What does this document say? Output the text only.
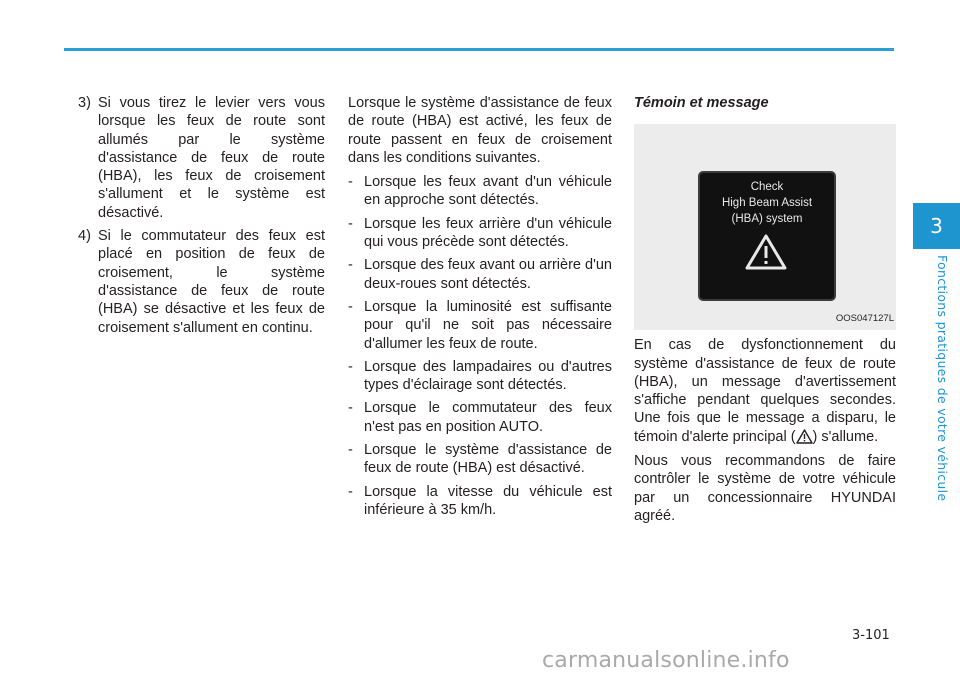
3
Fonctions pratiques de votre véhicule

3) Si vous tirez le levier vers vous lorsque les feux de route sont allumés par le système d'assistance de feux de route (HBA), les feux de croisement s'allument et le système est désactivé.

4) Si le commutateur des feux est placé en position de feux de croisement, le système d'assistance de feux de route (HBA) se désactive et les feux de croisement s'allument en continu.

Lorsque le système d'assistance de feux de route (HBA) est activé, les feux de route passent en feux de croisement dans les conditions suivantes.

- Lorsque les feux avant d'un véhicule en approche sont détectés.

- Lorsque les feux arrière d'un véhicule qui vous précède sont détectés.

- Lorsque des feux avant ou arrière d'un deux-roues sont détectés.

- Lorsque la luminosité est suffisante pour qu'il ne soit pas nécessaire d'allumer les feux de route.

- Lorsque des lampadaires ou d'autres types d'éclairage sont détectés.

- Lorsque le commutateur des feux n'est pas en position AUTO.

- Lorsque le système d'assistance de feux de route (HBA) est désactivé.

- Lorsque la vitesse du véhicule est inférieure à 35 km/h.

Témoin et message

Check
High Beam Assist
(HBA) system
OOS047127L

En cas de dysfonctionnement du système d'assistance de feux de route (HBA), un message d'avertissement s'affiche pendant quelques secondes. Une fois que le message a disparu, le témoin d'alerte principal ( ) s'allume.

Nous vous recommandons de faire contrôler le système de votre véhicule par un concessionnaire HYUNDAI agréé.

3-101
carmanualsonline.info
